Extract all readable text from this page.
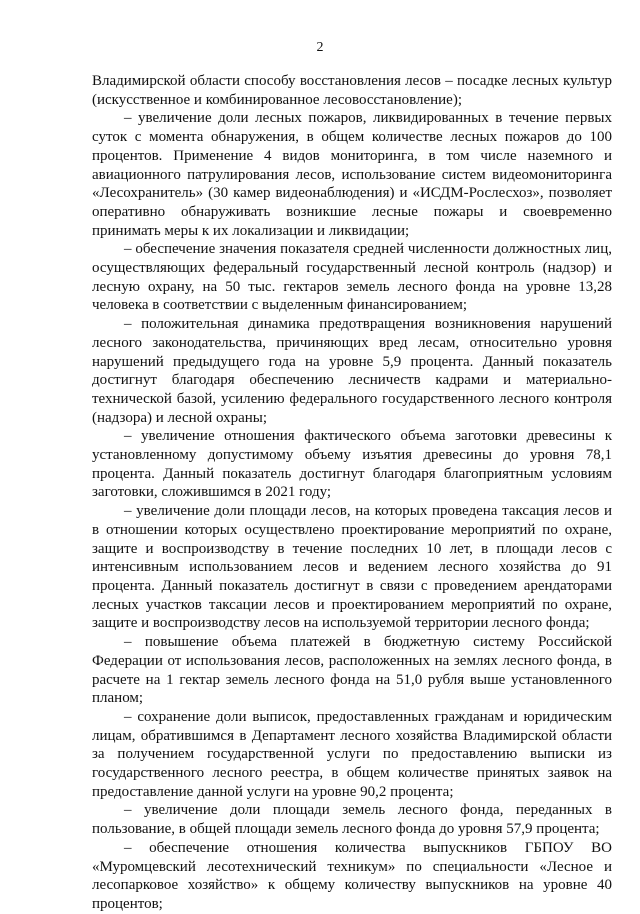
2

Владимирской области способу восстановления лесов – посадке лесных культур (искусственное и комбинированное лесовосстановление);

– увеличение доли лесных пожаров, ликвидированных в течение первых суток с момента обнаружения, в общем количестве лесных пожаров до 100 процентов. Применение 4 видов мониторинга, в том числе наземного и авиационного патрулирования лесов, использование систем видеомониторинга «Лесохранитель» (30 камер видеонаблюдения) и «ИСДМ-Рослесхоз», позволяет оперативно обнаруживать возникшие лесные пожары и своевременно принимать меры к их локализации и ликвидации;

– обеспечение значения показателя средней численности должностных лиц, осуществляющих федеральный государственный лесной контроль (надзор) и лесную охрану, на 50 тыс. гектаров земель лесного фонда на уровне 13,28 человека в соответствии с выделенным финансированием;

– положительная динамика предотвращения возникновения нарушений лесного законодательства, причиняющих вред лесам, относительно уровня нарушений предыдущего года на уровне 5,9 процента. Данный показатель достигнут благодаря обеспечению лесничеств кадрами и материально-технической базой, усилению федерального государственного лесного контроля (надзора) и лесной охраны;

– увеличение отношения фактического объема заготовки древесины к установленному допустимому объему изъятия древесины до уровня 78,1 процента. Данный показатель достигнут благодаря благоприятным условиям заготовки, сложившимся в 2021 году;

– увеличение доли площади лесов, на которых проведена таксация лесов и в отношении которых осуществлено проектирование мероприятий по охране, защите и воспроизводству в течение последних 10 лет, в площади лесов с интенсивным использованием лесов и ведением лесного хозяйства до 91 процента. Данный показатель достигнут в связи с проведением арендаторами лесных участков таксации лесов и проектированием мероприятий по охране, защите и воспроизводству лесов на используемой территории лесного фонда;

– повышение объема платежей в бюджетную систему Российской Федерации от использования лесов, расположенных на землях лесного фонда, в расчете на 1 гектар земель лесного фонда на 51,0 рубля выше установленного планом;

– сохранение доли выписок, предоставленных гражданам и юридическим лицам, обратившимся в Департамент лесного хозяйства Владимирской области за получением государственной услуги по предоставлению выписки из государственного лесного реестра, в общем количестве принятых заявок на предоставление данной услуги на уровне 90,2 процента;

– увеличение доли площади земель лесного фонда, переданных в пользование, в общей площади земель лесного фонда до уровня 57,9 процента;

– обеспечение отношения количества выпускников ГБПОУ ВО «Муромцевский лесотехнический техникум» по специальности «Лесное и лесопарковое хозяйство» к общему количеству выпускников на уровне 40 процентов;
